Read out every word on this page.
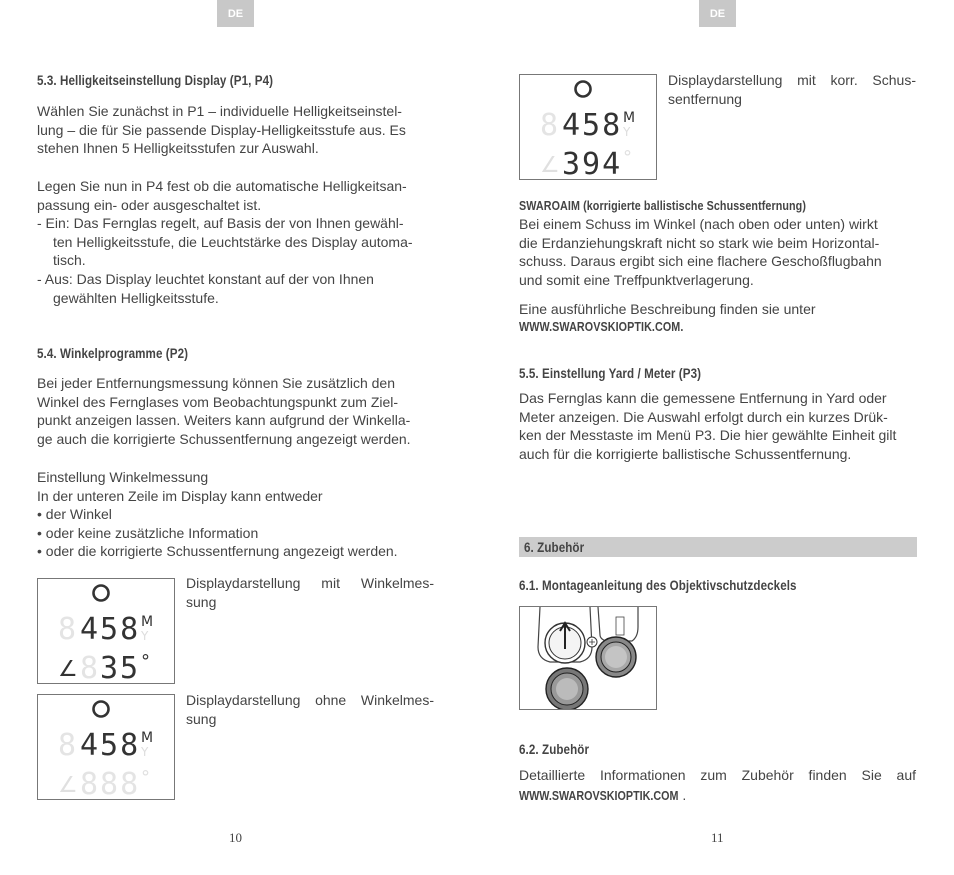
DE
5.3. Helligkeitseinstellung Display (P1, P4)
Wählen Sie zunächst in P1 – individuelle Helligkeitseinstel-
lung – die für Sie passende Display-Helligkeitsstufe aus. Es
stehen Ihnen 5 Helligkeitsstufen zur Auswahl.
Legen Sie nun in P4 fest ob die automatische Helligkeitsan-
passung ein- oder ausgeschaltet ist.
- Ein: Das Fernglas regelt, auf Basis der von Ihnen gewähl-
ten Helligkeitsstufe, die Leuchtstärke des Display automa-
tisch.
- Aus: Das Display leuchtet konstant auf der von Ihnen
gewählten Helligkeitsstufe.
5.4. Winkelprogramme (P2)
Bei jeder Entfernungsmessung können Sie zusätzlich den
Winkel des Fernglases vom Beobachtungspunkt zum Ziel-
punkt anzeigen lassen. Weiters kann aufgrund der Winkella-
ge auch die korrigierte Schussentfernung angezeigt werden.
Einstellung Winkelmessung
In der unteren Zeile im Display kann entweder
• der Winkel
• oder keine zusätzliche Information
• oder die korrigierte Schussentfernung angezeigt werden.
8 458 M
Y
∠ 8 35 °
Displaydarstellung mit Winkelmes-
sung
8 458 M
Y
∠ 888 °
Displaydarstellung ohne Winkelmes-
sung
10
DE
8 458 M
Y
∠ 394 °
Displaydarstellung mit korr. Schus-
sentfernung
SWAROAIM (korrigierte ballistische Schussentfernung)
Bei einem Schuss im Winkel (nach oben oder unten) wirkt
die Erdanziehungskraft nicht so stark wie beim Horizontal-
schuss. Daraus ergibt sich eine flachere Geschoßflugbahn
und somit eine Treffpunktverlagerung.
Eine ausführliche Beschreibung finden sie unter
WWW.SWAROVSKIOPTIK.COM.
5.5. Einstellung Yard / Meter (P3)
Das Fernglas kann die gemessene Entfernung in Yard oder
Meter anzeigen. Die Auswahl erfolgt durch ein kurzes Drük-
ken der Messtaste im Menü P3. Die hier gewählte Einheit gilt
auch für die korrigierte ballistische Schussentfernung.
6. Zubehör
6.1. Montageanleitung des Objektivschutzdeckels
6.2. Zubehör
Detaillierte Informationen zum Zubehör finden Sie auf
WWW.SWAROVSKIOPTIK.COM .
11
